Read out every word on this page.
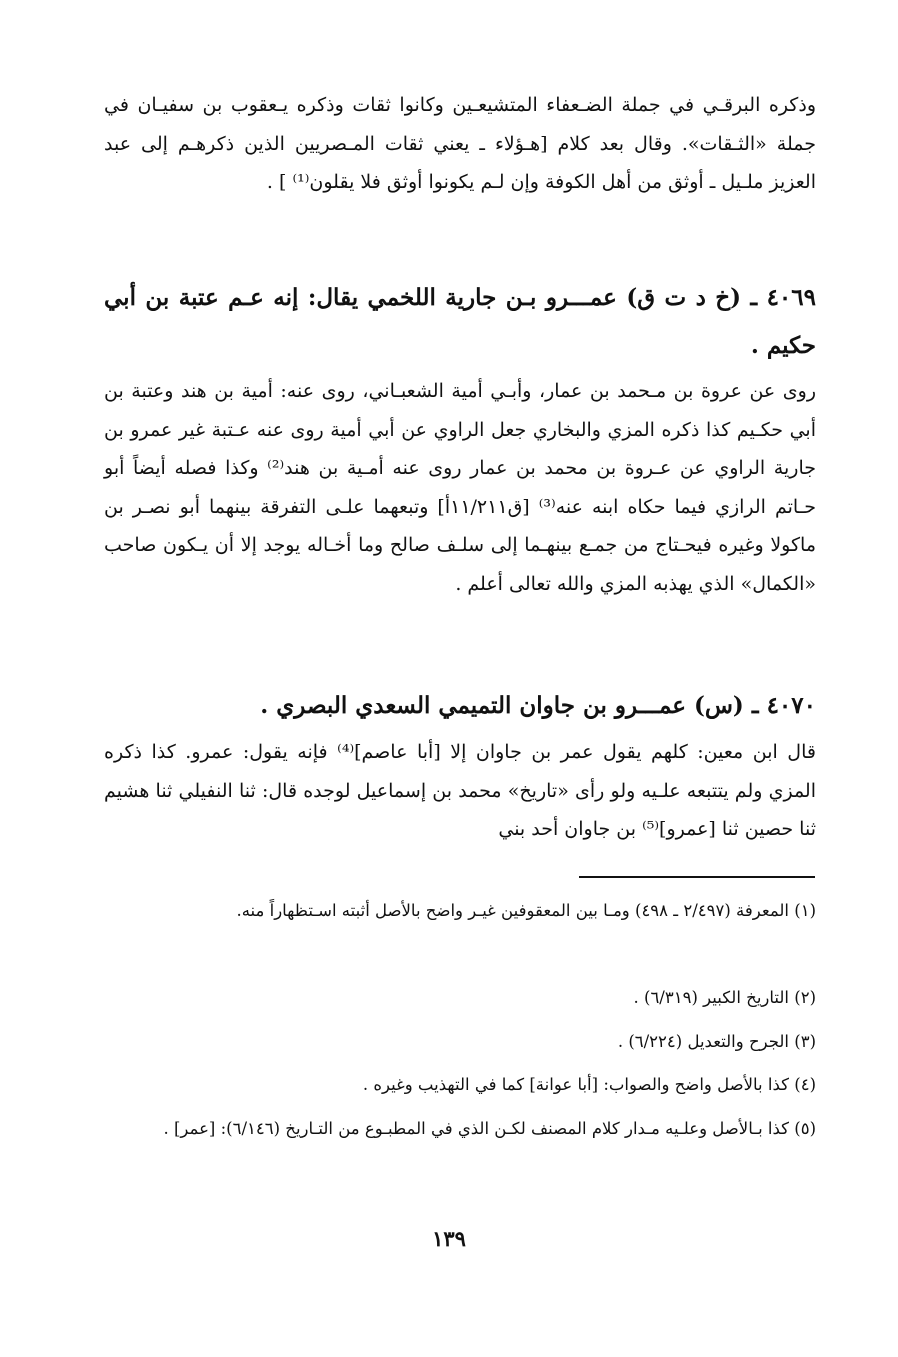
وذكره البرقـي في جملة الضـعفاء المتشيعـين وكانوا ثقات وذكره يـعقوب بن سفيـان في جملة «الثـقات». وقال بعد كلام [هـؤلاء ـ يعني ثقات المـصريين الذين ذكرهـم إلى عبد العزيز ملـيل ـ أوثق من أهل الكوفة وإن لـم يكونوا أوثق فلا يقلون⁽¹⁾ ] .

٤٠٦٩ ـ (خ د ت ق) عمـــرو بـن جارية اللخمي يقال: إنه عـم عتبة بن أبي حكيم .

روى عن عروة بن مـحمد بن عمار، وأبـي أمية الشعبـاني، روى عنه: أمية بن هند وعتبة بن أبي حكـيم كذا ذكره المزي والبخاري جعل الراوي عن أبي أمية روى عنه عـتبة غير عمرو بن جارية الراوي عن عـروة بن محمد بن عمار روى عنه أمـية بن هند⁽²⁾ وكذا فصله أيضاً أبو حـاتم الرازي فيما حكاه ابنه عنه⁽³⁾ [ق١١/٢١١أ] وتبعهما علـى التفرقة بينهما أبو نصـر بن ماكولا وغيره فيحـتاج من جمـع بينهـما إلى سلـف صالح وما أخـاله يوجد إلا أن يـكون صاحب «الكمال» الذي يهذبه المزي والله تعالى أعلم .

٤٠٧٠ ـ (س) عمـــرو بن جاوان التميمي السعدي البصري .

قال ابن معين: كلهم يقول عمر بن جاوان إلا [أبا عاصم]⁽⁴⁾ فإنه يقول: عمرو. كذا ذكره المزي ولم يتتبعه علـيه ولو رأى «تاريخ» محمد بن إسماعيل لوجده قال: ثنا النفيلي ثنا هشيم ثنا حصين ثنا [عمرو]⁽⁵⁾ بن جاوان أحد بني

(١) المعرفة (٢/٤٩٧ ـ ٤٩٨) ومـا بين المعقوفين غيـر واضح بالأصل أثبته اسـتظهاراً منه.
(٢) التاريخ الكبير (٦/٣١٩) .
(٣) الجرح والتعديل (٦/٢٢٤) .
(٤) كذا بالأصل واضح والصواب: [أبا عوانة] كما في التهذيب وغيره .
(٥) كذا بـالأصل وعلـيه مـدار كلام المصنف لكـن الذي في المطبـوع من التـاريخ (٦/١٤٦): [عمر] .
١٣٩
